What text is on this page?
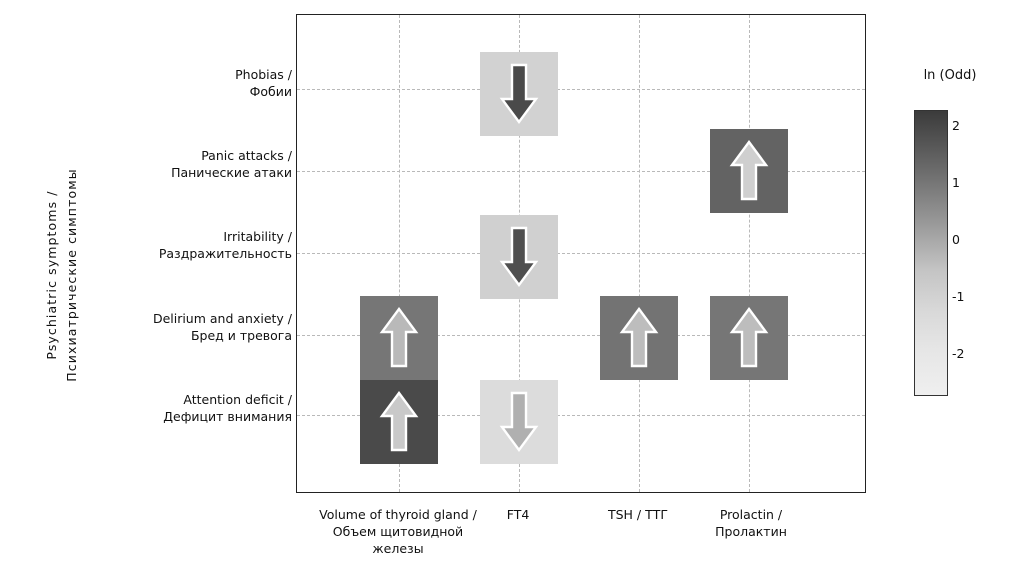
Psychiatric symptoms / Психиатрические симптомы
Phobias /
Фобии
Panic attacks /
Паническиe атаки
Irritability /
Раздражительность
Delirium and anxiety /
Бред и тревога
Attention deficit /
Дефицит внимания
Volume of thyroid gland /
Объем щитовидной
железы
FT4	TSH / ТТГ	Prolactin /
Пролактин
ln (Odd)
2
1
0
-1
-2
